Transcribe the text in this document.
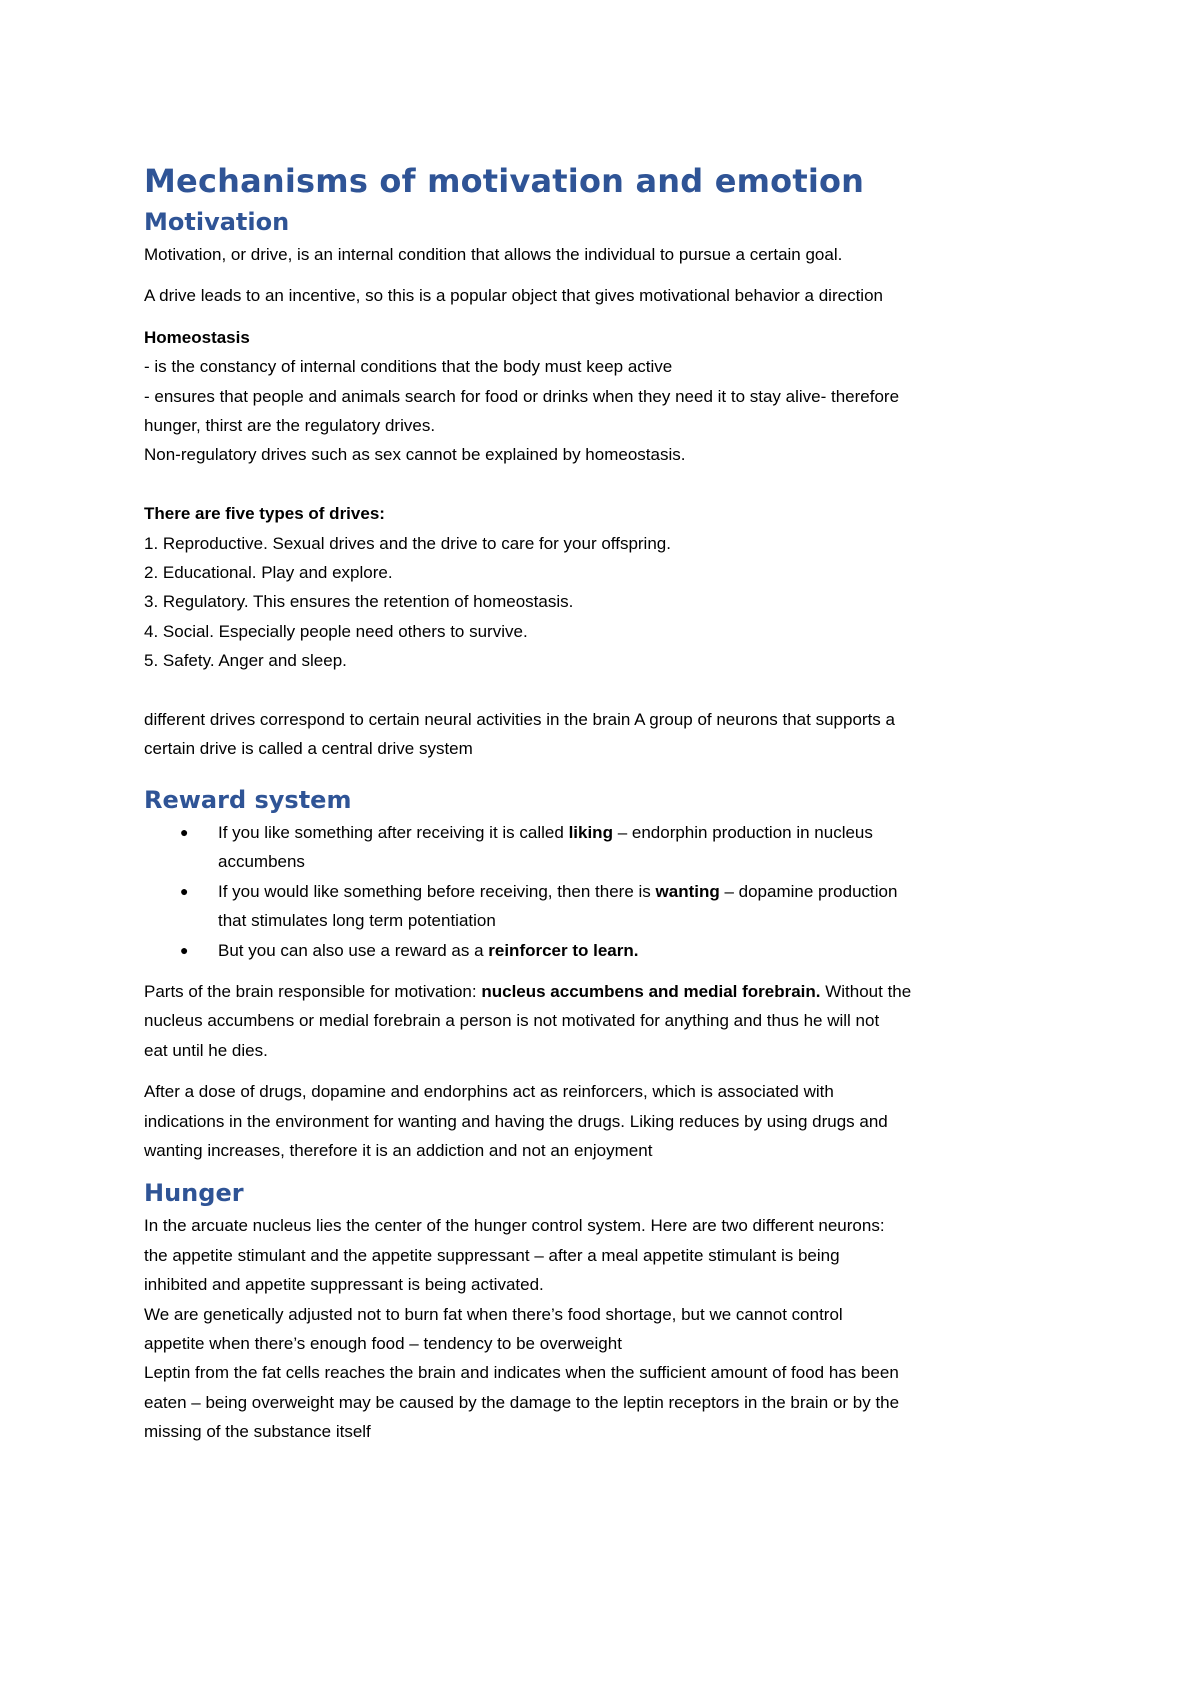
Mechanisms of motivation and emotion
Motivation

Motivation, or drive, is an internal condition that allows the individual to pursue a certain goal.

A drive leads to an incentive, so this is a popular object that gives motivational behavior a direction

Homeostasis
- is the constancy of internal conditions that the body must keep active
- ensures that people and animals search for food or drinks when they need it to stay alive- therefore
hunger, thirst are the regulatory drives.
Non-regulatory drives such as sex cannot be explained by homeostasis.

There are five types of drives:
1. Reproductive. Sexual drives and the drive to care for your offspring.
2. Educational. Play and explore.
3. Regulatory. This ensures the retention of homeostasis.
4. Social. Especially people need others to survive.
5. Safety. Anger and sleep.

different drives correspond to certain neural activities in the brain A group of neurons that supports a
certain drive is called a central drive system

Reward system
● If you like something after receiving it is called liking – endorphin production in nucleus
accumbens
● If you would like something before receiving, then there is wanting – dopamine production
that stimulates long term potentiation
● But you can also use a reward as a reinforcer to learn.

Parts of the brain responsible for motivation: nucleus accumbens and medial forebrain. Without the
nucleus accumbens or medial forebrain a person is not motivated for anything and thus he will not
eat until he dies.

After a dose of drugs, dopamine and endorphins act as reinforcers, which is associated with
indications in the environment for wanting and having the drugs. Liking reduces by using drugs and
wanting increases, therefore it is an addiction and not an enjoyment

Hunger

In the arcuate nucleus lies the center of the hunger control system. Here are two different neurons:
the appetite stimulant and the appetite suppressant – after a meal appetite stimulant is being
inhibited and appetite suppressant is being activated.
We are genetically adjusted not to burn fat when there’s food shortage, but we cannot control
appetite when there’s enough food – tendency to be overweight
Leptin from the fat cells reaches the brain and indicates when the sufficient amount of food has been
eaten – being overweight may be caused by the damage to the leptin receptors in the brain or by the
missing of the substance itself
